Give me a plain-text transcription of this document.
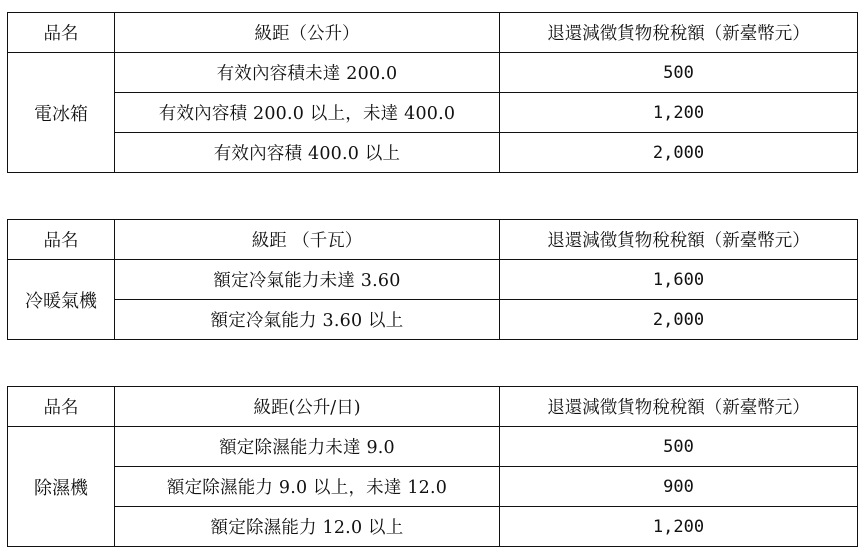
品名	級距（公升）	退還減徵貨物稅稅額（新臺幣元）
電冰箱	有效內容積未達 200.0	500
	有效內容積 200.0 以上，未達 400.0	1,200
	有效內容積 400.0 以上	2,000
品名	級距 （千瓦）	退還減徵貨物稅稅額（新臺幣元）
冷暖氣機	額定冷氣能力未達 3.60	1,600
	額定冷氣能力 3.60 以上	2,000
品名	級距(公升/日)	退還減徵貨物稅稅額（新臺幣元）
除濕機	額定除濕能力未達 9.0	500
	額定除濕能力 9.0 以上，未達 12.0	900
	額定除濕能力 12.0 以上	1,200
